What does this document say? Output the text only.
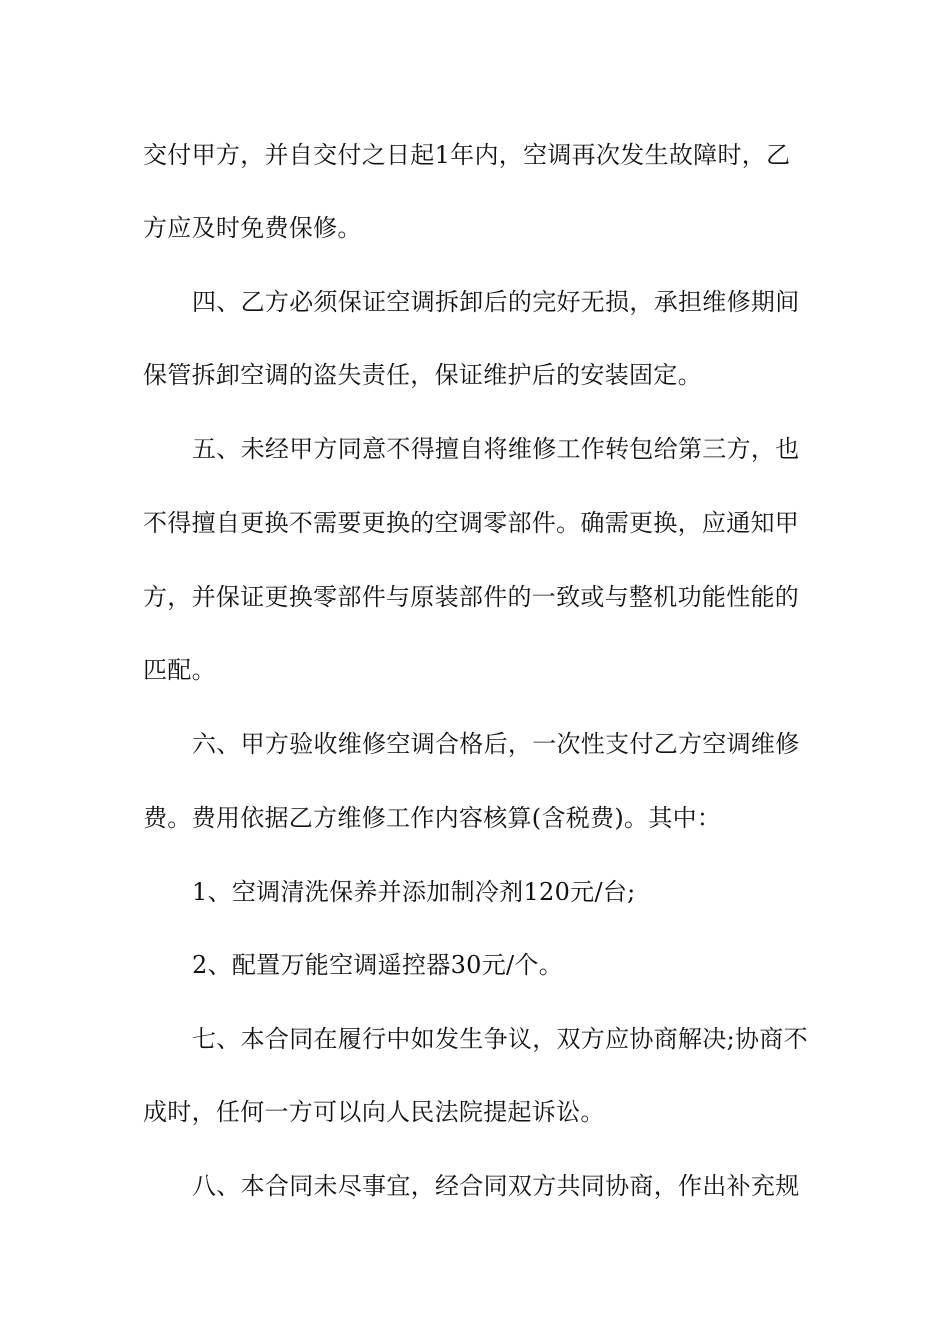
交付甲方，并自交付之日起1年内，空调再次发生故障时，乙
方应及时免费保修。
四、乙方必须保证空调拆卸后的完好无损，承担维修期间
保管拆卸空调的盗失责任，保证维护后的安装固定。
五、未经甲方同意不得擅自将维修工作转包给第三方，也
不得擅自更换不需要更换的空调零部件。确需更换，应通知甲
方，并保证更换零部件与原装部件的一致或与整机功能性能的
匹配。
六、甲方验收维修空调合格后，一次性支付乙方空调维修
费。费用依据乙方维修工作内容核算(含税费)。其中：
1、空调清洗保养并添加制冷剂120元/台;
2、配置万能空调遥控器30元/个。
七、本合同在履行中如发生争议，双方应协商解决;协商不
成时，任何一方可以向人民法院提起诉讼。
八、本合同未尽事宜，经合同双方共同协商，作出补充规
